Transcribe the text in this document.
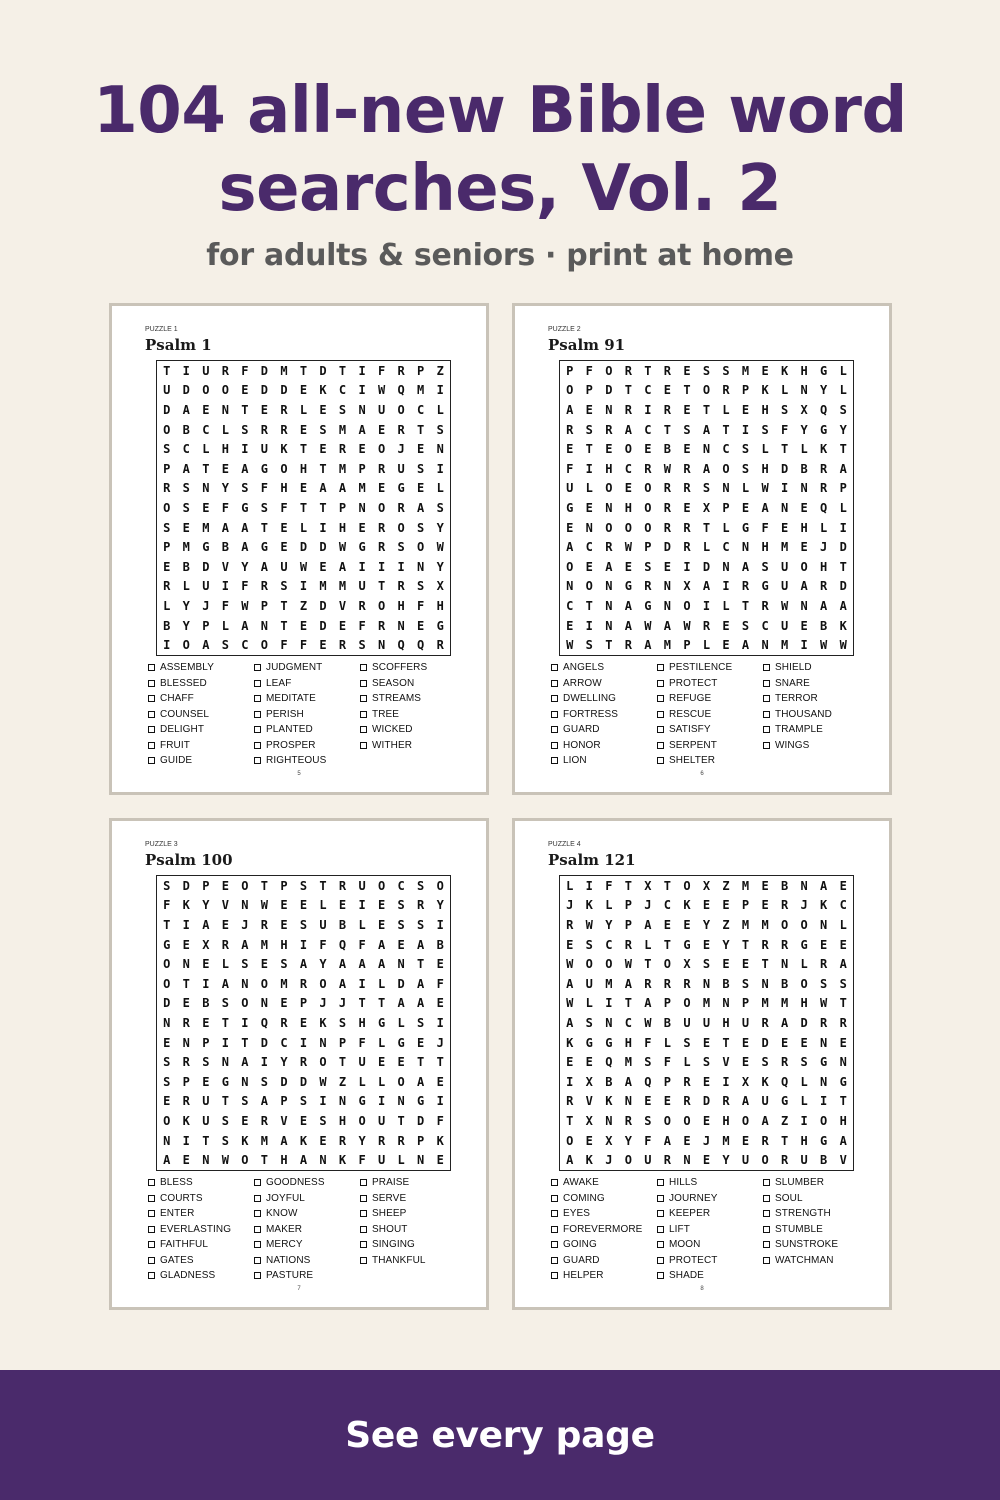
104 all-new Bible word
searches, Vol. 2
for adults & seniors · print at home
PUZZLE 1
Psalm 1
T	I	U	R	F	D	M	T	D	T	I	F	R	P	Z
U	D	O	O	E	D	D	E	K	C	I	W	Q	M	I
D	A	E	N	T	E	R	L	E	S	N	U	O	C	L
O	B	C	L	S	R	R	E	S	M	A	E	R	T	S
S	C	L	H	I	U	K	T	E	R	E	O	J	E	N
P	A	T	E	A	G	O	H	T	M	P	R	U	S	I
R	S	N	Y	S	F	H	E	A	A	M	E	G	E	L
O	S	E	F	G	S	F	T	T	P	N	O	R	A	S
S	E	M	A	A	T	E	L	I	H	E	R	O	S	Y
P	M	G	B	A	G	E	D	D	W	G	R	S	O	W
E	B	D	V	Y	A	U	W	E	A	I	I	I	N	Y
R	L	U	I	F	R	S	I	M	M	U	T	R	S	X
L	Y	J	F	W	P	T	Z	D	V	R	O	H	F	H
B	Y	P	L	A	N	T	E	D	E	F	R	N	E	G
I	O	A	S	C	O	F	F	E	R	S	N	Q	Q	R
ASSEMBLY
BLESSED
CHAFF
COUNSEL
DELIGHT
FRUIT
GUIDE
JUDGMENT
LEAF
MEDITATE
PERISH
PLANTED
PROSPER
RIGHTEOUS
SCOFFERS
SEASON
STREAMS
TREE
WICKED
WITHER
5
PUZZLE 2
Psalm 91
P	F	O	R	T	R	E	S	S	M	E	K	H	G	L
O	P	D	T	C	E	T	O	R	P	K	L	N	Y	L
A	E	N	R	I	R	E	T	L	E	H	S	X	Q	S
R	S	R	A	C	T	S	A	T	I	S	F	Y	G	Y
E	T	E	O	E	B	E	N	C	S	L	T	L	K	T
F	I	H	C	R	W	R	A	O	S	H	D	B	R	A
U	L	O	E	O	R	R	S	N	L	W	I	N	R	P
G	E	N	H	O	R	E	X	P	E	A	N	E	Q	L
E	N	O	O	O	R	R	T	L	G	F	E	H	L	I
A	C	R	W	P	D	R	L	C	N	H	M	E	J	D
O	E	A	E	S	E	I	D	N	A	S	U	O	H	T
N	O	N	G	R	N	X	A	I	R	G	U	A	R	D
C	T	N	A	G	N	O	I	L	T	R	W	N	A	A
E	I	N	A	W	A	W	R	E	S	C	U	E	B	K
W	S	T	R	A	M	P	L	E	A	N	M	I	W	W
ANGELS
ARROW
DWELLING
FORTRESS
GUARD
HONOR
LION
PESTILENCE
PROTECT
REFUGE
RESCUE
SATISFY
SERPENT
SHELTER
SHIELD
SNARE
TERROR
THOUSAND
TRAMPLE
WINGS
6
PUZZLE 3
Psalm 100
S	D	P	E	O	T	P	S	T	R	U	O	C	S	O
F	K	Y	V	N	W	E	E	L	E	I	E	S	R	Y
T	I	A	E	J	R	E	S	U	B	L	E	S	S	I
G	E	X	R	A	M	H	I	F	Q	F	A	E	A	B
O	N	E	L	S	E	S	A	Y	A	A	A	N	T	E
O	T	I	A	N	O	M	R	O	A	I	L	D	A	F
D	E	B	S	O	N	E	P	J	J	T	T	A	A	E
N	R	E	T	I	Q	R	E	K	S	H	G	L	S	I
E	N	P	I	T	D	C	I	N	P	F	L	G	E	J
S	R	S	N	A	I	Y	R	O	T	U	E	E	T	T
S	P	E	G	N	S	D	D	W	Z	L	L	O	A	E
E	R	U	T	S	A	P	S	I	N	G	I	N	G	I
O	K	U	S	E	R	V	E	S	H	O	U	T	D	F
N	I	T	S	K	M	A	K	E	R	Y	R	R	P	K
A	E	N	W	O	T	H	A	N	K	F	U	L	N	E
BLESS
COURTS
ENTER
EVERLASTING
FAITHFUL
GATES
GLADNESS
GOODNESS
JOYFUL
KNOW
MAKER
MERCY
NATIONS
PASTURE
PRAISE
SERVE
SHEEP
SHOUT
SINGING
THANKFUL
7
PUZZLE 4
Psalm 121
L	I	F	T	X	T	O	X	Z	M	E	B	N	A	E
J	K	L	P	J	C	K	E	E	P	E	R	J	K	C
R	W	Y	P	A	E	E	Y	Z	M	M	O	O	N	L
E	S	C	R	L	T	G	E	Y	T	R	R	G	E	E
W	O	O	W	T	O	X	S	E	E	T	N	L	R	A
A	U	M	A	R	R	R	N	B	S	N	B	O	S	S
W	L	I	T	A	P	O	M	N	P	M	M	H	W	T
A	S	N	C	W	B	U	U	H	U	R	A	D	R	R
K	G	G	H	F	L	S	E	T	E	D	E	E	N	E
E	E	Q	M	S	F	L	S	V	E	S	R	S	G	N
I	X	B	A	Q	P	R	E	I	X	K	Q	L	N	G
R	V	K	N	E	E	R	D	R	A	U	G	L	I	T
T	X	N	R	S	O	O	E	H	O	A	Z	I	O	H
O	E	X	Y	F	A	E	J	M	E	R	T	H	G	A
A	K	J	O	U	R	N	E	Y	U	O	R	U	B	V
AWAKE
COMING
EYES
FOREVERMORE
GOING
GUARD
HELPER
HILLS
JOURNEY
KEEPER
LIFT
MOON
PROTECT
SHADE
SLUMBER
SOUL
STRENGTH
STUMBLE
SUNSTROKE
WATCHMAN
8
See every page
